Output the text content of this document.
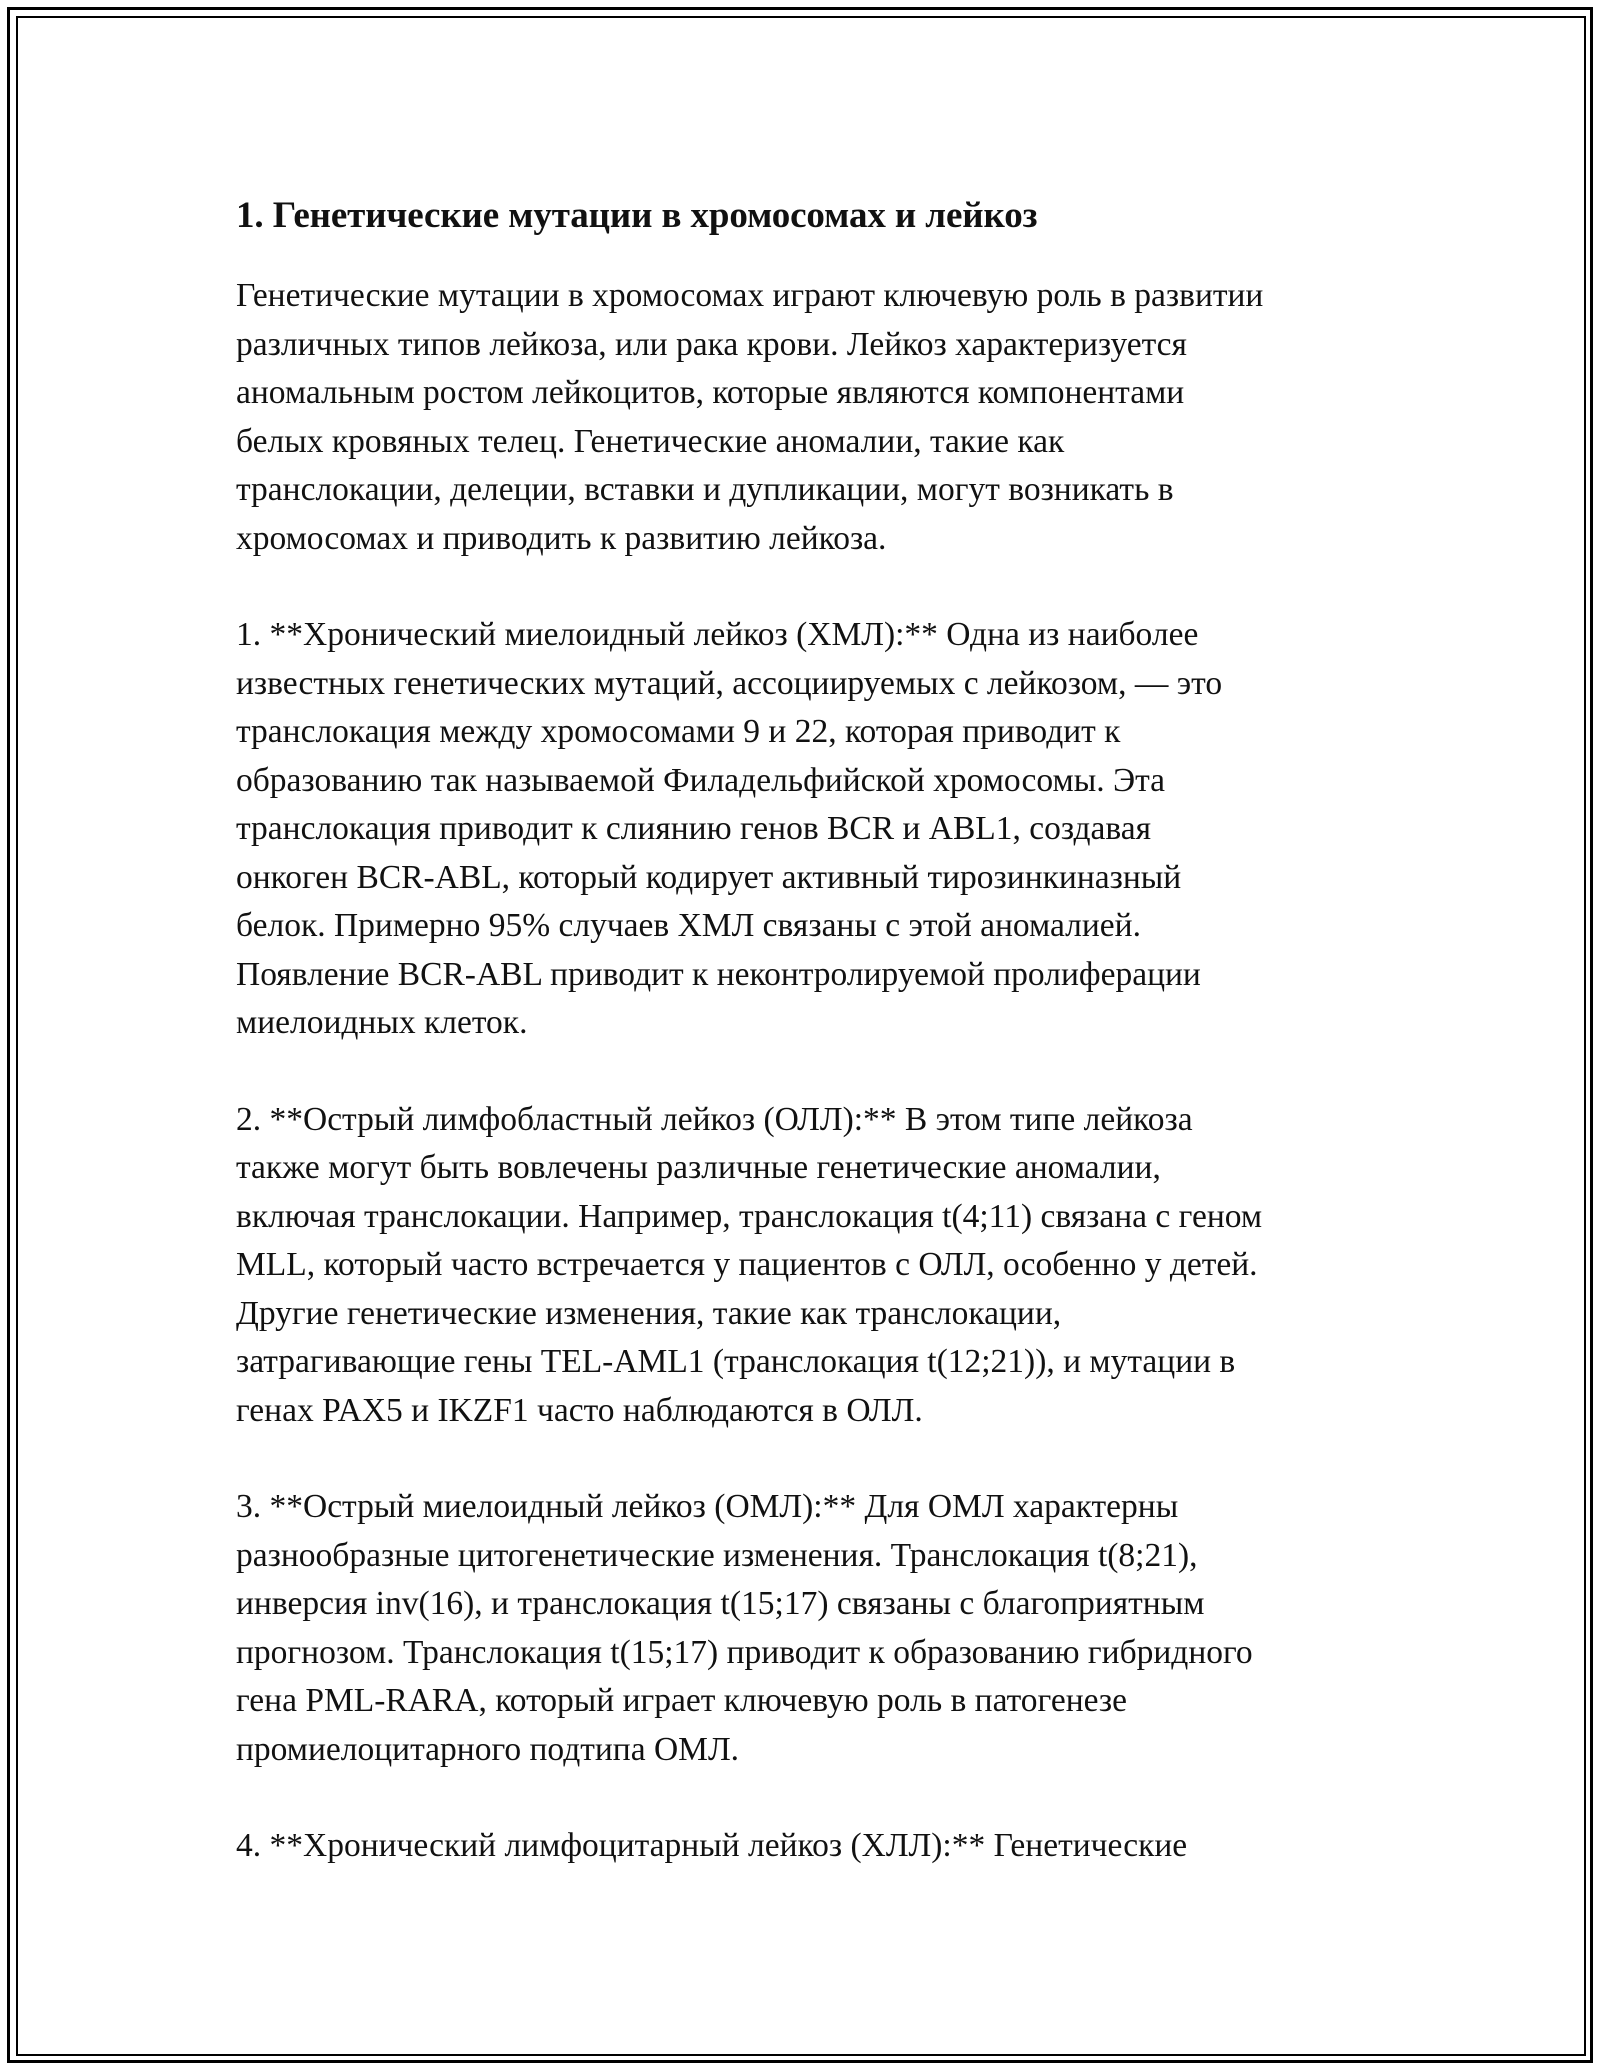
1. Генетические мутации в хромосомах и лейкоз

Генетические мутации в хромосомах играют ключевую роль в развитии
различных типов лейкоза, или рака крови. Лейкоз характеризуется
аномальным ростом лейкоцитов, которые являются компонентами
белых кровяных телец. Генетические аномалии, такие как
транслокации, делеции, вставки и дупликации, могут возникать в
хромосомах и приводить к развитию лейкоза.

1. **Хронический миелоидный лейкоз (ХМЛ):** Одна из наиболее
известных генетических мутаций, ассоциируемых с лейкозом, — это
транслокация между хромосомами 9 и 22, которая приводит к
образованию так называемой Филадельфийской хромосомы. Эта
транслокация приводит к слиянию генов BCR и ABL1, создавая
онкоген BCR-ABL, который кодирует активный тирозинкиназный
белок. Примерно 95% случаев ХМЛ связаны с этой аномалией.
Появление BCR-ABL приводит к неконтролируемой пролиферации
миелоидных клеток.

2. **Острый лимфобластный лейкоз (ОЛЛ):** В этом типе лейкоза
также могут быть вовлечены различные генетические аномалии,
включая транслокации. Например, транслокация t(4;11) связана с геном
MLL, который часто встречается у пациентов с ОЛЛ, особенно у детей.
Другие генетические изменения, такие как транслокации,
затрагивающие гены TEL-AML1 (транслокация t(12;21)), и мутации в
генах PAX5 и IKZF1 часто наблюдаются в ОЛЛ.

3. **Острый миелоидный лейкоз (ОМЛ):** Для ОМЛ характерны
разнообразные цитогенетические изменения. Транслокация t(8;21),
инверсия inv(16), и транслокация t(15;17) связаны с благоприятным
прогнозом. Транслокация t(15;17) приводит к образованию гибридного
гена PML-RARA, который играет ключевую роль в патогенезе
промиелоцитарного подтипа ОМЛ.

4. **Хронический лимфоцитарный лейкоз (ХЛЛ):** Генетические
